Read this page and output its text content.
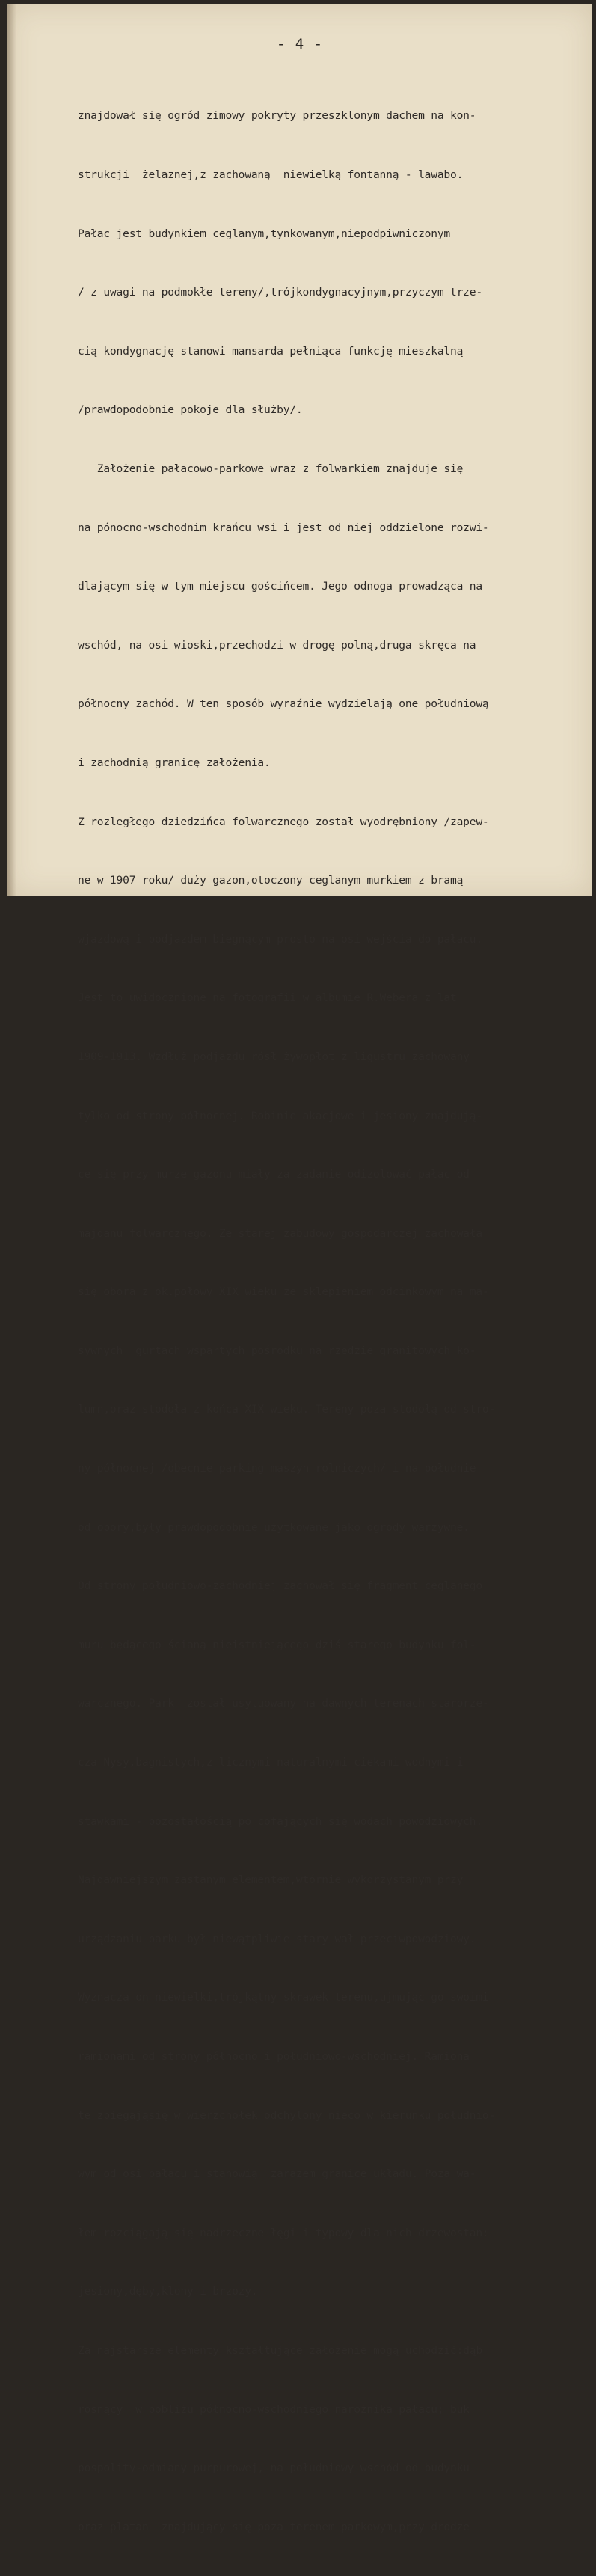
- 4 -

znajdował się ogród zimowy pokryty przeszklonym dachem na kon-

strukcji  żelaznej,z zachowaną  niewielką fontanną - lawabo.

Pałac jest budynkiem ceglanym,tynkowanym,niepodpiwniczonym

/ z uwagi na podmokłe tereny/,trójkondygnacyjnym,przyczym trze-

cią kondygnację stanowi mansarda pełniąca funkcję mieszkalną

/prawdopodobnie pokoje dla służby/.

Założenie pałacowo-parkowe wraz z folwarkiem znajduje się

na pónocno-wschodnim krańcu wsi i jest od niej oddzielone rozwi-

dlającym się w tym miejscu gościńcem. Jego odnoga prowadząca na

wschód, na osi wioski,przechodzi w drogę polną,druga skręca na

północny zachód. W ten sposób wyraźnie wydzielają one południową

i zachodnią granicę założenia.

Z rozległego dziedzińca folwarcznego został wyodrębniony /zapew-

ne w 1907 roku/ duży gazon,otoczony ceglanym murkiem z bramą

wjazdową i podjazdem biegnącym prosto na osi wejścia do pałacu.

Jest to uwidocznione na fotografii w albumie R.Webera z lat

1909-1913. Wzdłuż podjazdu rósł żywopłot z ligustru zachowany

tylko od strony północnej. Robinie akacjowe i jesiony znajdują-

ce się przy murze gazonu miały za zadanie odizolować pałac od

majdanu folwarcznego. Ze starej zabudowy gospodarczej zachowała

się obora z ok.połowy XIX wieku ze sklepieniem odcinkowym na ma-

sywnych  gurtach wspartych pośrodku na rzędzie granitowych ko-

lumn,oraz stodoła z końca XIX wieku. Tereny poza stodołą od stro-

ny północnej /obecnie parking maszyn rolniczych/ i na południe

od obory,były prawdopodobnie użytkowane jako ogrody warzywne.

Od strony południowo-zachodniej zachował się fragment ceglanego

muru będącego ścianą nieistniejącego dziś starego budynku fol-

warcznego. Park  został usytuowany na dawnych terenach starorze-

cza Nysy,bagnistych,z licznymi naturalnymi ciekami wodnymi i

stawkami - pozostałością po cofających się wodach powodziowych.

Najdawniejszym zastanym elementem,wtórnie wykorzystanym przy

urządzaniu parku był niewątpliwie stary wał przeciwpowodziowy.

Wyznacza on niewielki,trójkątny skrawek terenu,ujmując go swoimi

ramionami od strony północno i południowo-wschodniej. Ramiona

te zbiegająsię w wierzchołek odchylony nieco w kierunku południo-

wym od osi pałacu i stanowią  zarazem granice układu. Poza wa-

łem rozciągają się nadrzeczne łęgi i typowy dla nich drzewostan:

jesiony,dęby,klony i brzozy.

Za najstarsze elementy kształtujące założenie mogą uchodzić:dąb

rosnący  w pobliżu północno-wschodniego narożnika pałacu; buk

pospolity-odmiany purpurowej, na południowy wschód od budynku

oraz platan  znajdujący się poza terenem parkowym,przy drodze
